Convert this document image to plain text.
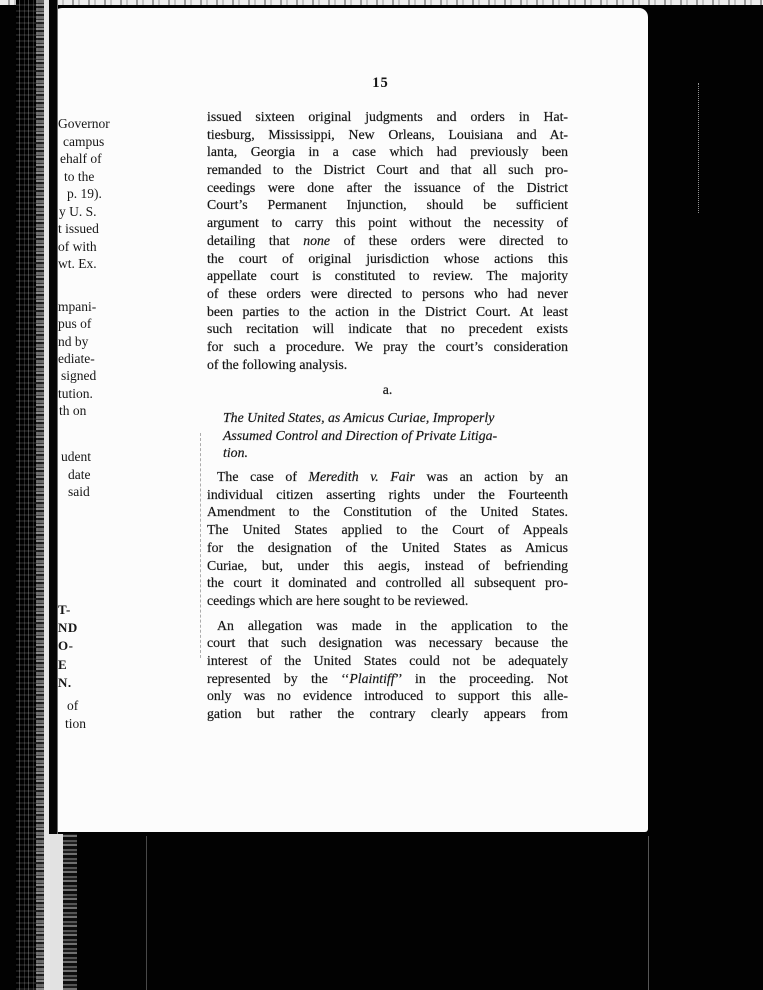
15
issued sixteen original judgments and orders in Hat-
tiesburg, Mississippi, New Orleans, Louisiana and At-
lanta, Georgia in a case which had previously been
remanded to the District Court and that all such pro-
ceedings were done after the issuance of the District
Court’s Permanent Injunction, should be sufficient
argument to carry this point without the necessity of
detailing that none of these orders were directed to
the court of original jurisdiction whose actions this
appellate court is constituted to review. The majority
of these orders were directed to persons who had never
been parties to the action in the District Court. At least
such recitation will indicate that no precedent exists
for such a procedure. We pray the court’s consideration
of the following analysis.
a.
The United States, as Amicus Curiae, Improperly
Assumed Control and Direction of Private Litiga-
tion.
The case of Meredith v. Fair was an action by an
individual citizen asserting rights under the Fourteenth
Amendment to the Constitution of the United States.
The United States applied to the Court of Appeals
for the designation of the United States as Amicus
Curiae, but, under this aegis, instead of befriending
the court it dominated and controlled all subsequent pro-
ceedings which are here sought to be reviewed.
An allegation was made in the application to the
court that such designation was necessary because the
interest of the United States could not be adequately
represented by the ‘‘Plaintiff’’ in the proceeding. Not
only was no evidence introduced to support this alle-
gation but rather the contrary clearly appears from
Governor
campus
ehalf of
to the
p. 19).
y U. S.
t issued
of with
wt. Ex.
mpani-
pus of
nd by
ediate-
signed
tution.
th on
udent
date
said
T-
ND
O-
E
N.
of
tion
